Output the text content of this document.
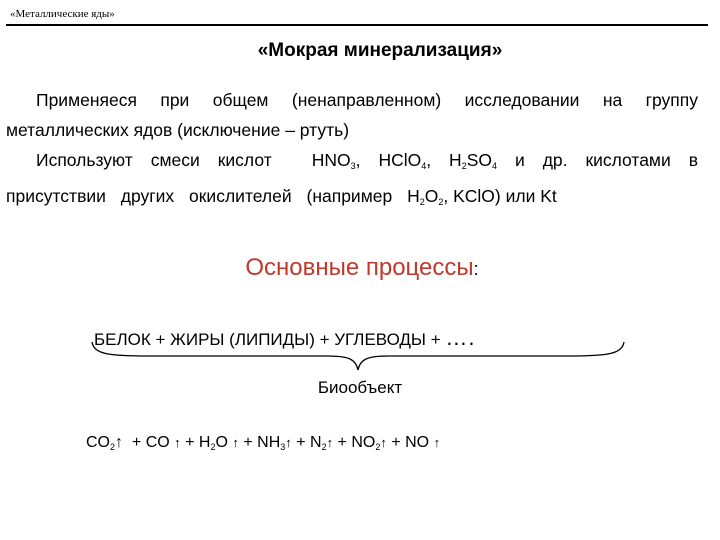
«Металлические яды»
«Мокрая минерализация»

Применяеся при общем (ненаправленном) исследовании на группу металлических ядов (исключение – ртуть)

Используют смеси кислот $HNO_3$, HClO$_4$, $H_2SO_4$ и др. кислотами в присутствии других окислителей (например $H_2O_2$, KClO) или Kt

Основные процессы:
БЕЛОК + ЖИРЫ (ЛИПИДЫ) + УГЛЕВОДЫ + ….
Биообъект
$CO_2↑$ + CO ↑ + $H_2O$ ↑ + $NH_3↑$ + $N_2↑$ + $NO_2↑$ + NO ↑
